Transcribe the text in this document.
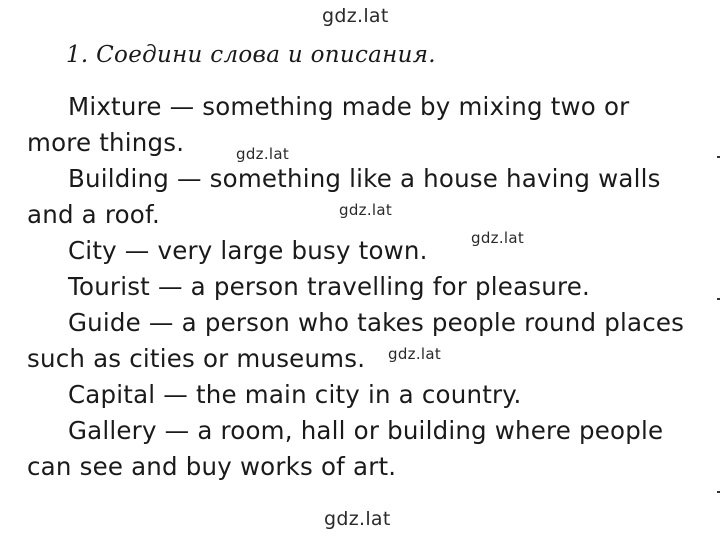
gdz.lat
1. Соедини слова и описания.
Mixture — something made by mixing two or
more things.
Building — something like a house having walls
and a roof.
City — very large busy town.
Tourist — a person travelling for pleasure.
Guide — a person who takes people round places
such as cities or museums.
Capital — the main city in a country.
Gallery — a room, hall or building where people
can see and buy works of art.
gdz.lat
gdz.lat
gdz.lat
gdz.lat
gdz.lat
